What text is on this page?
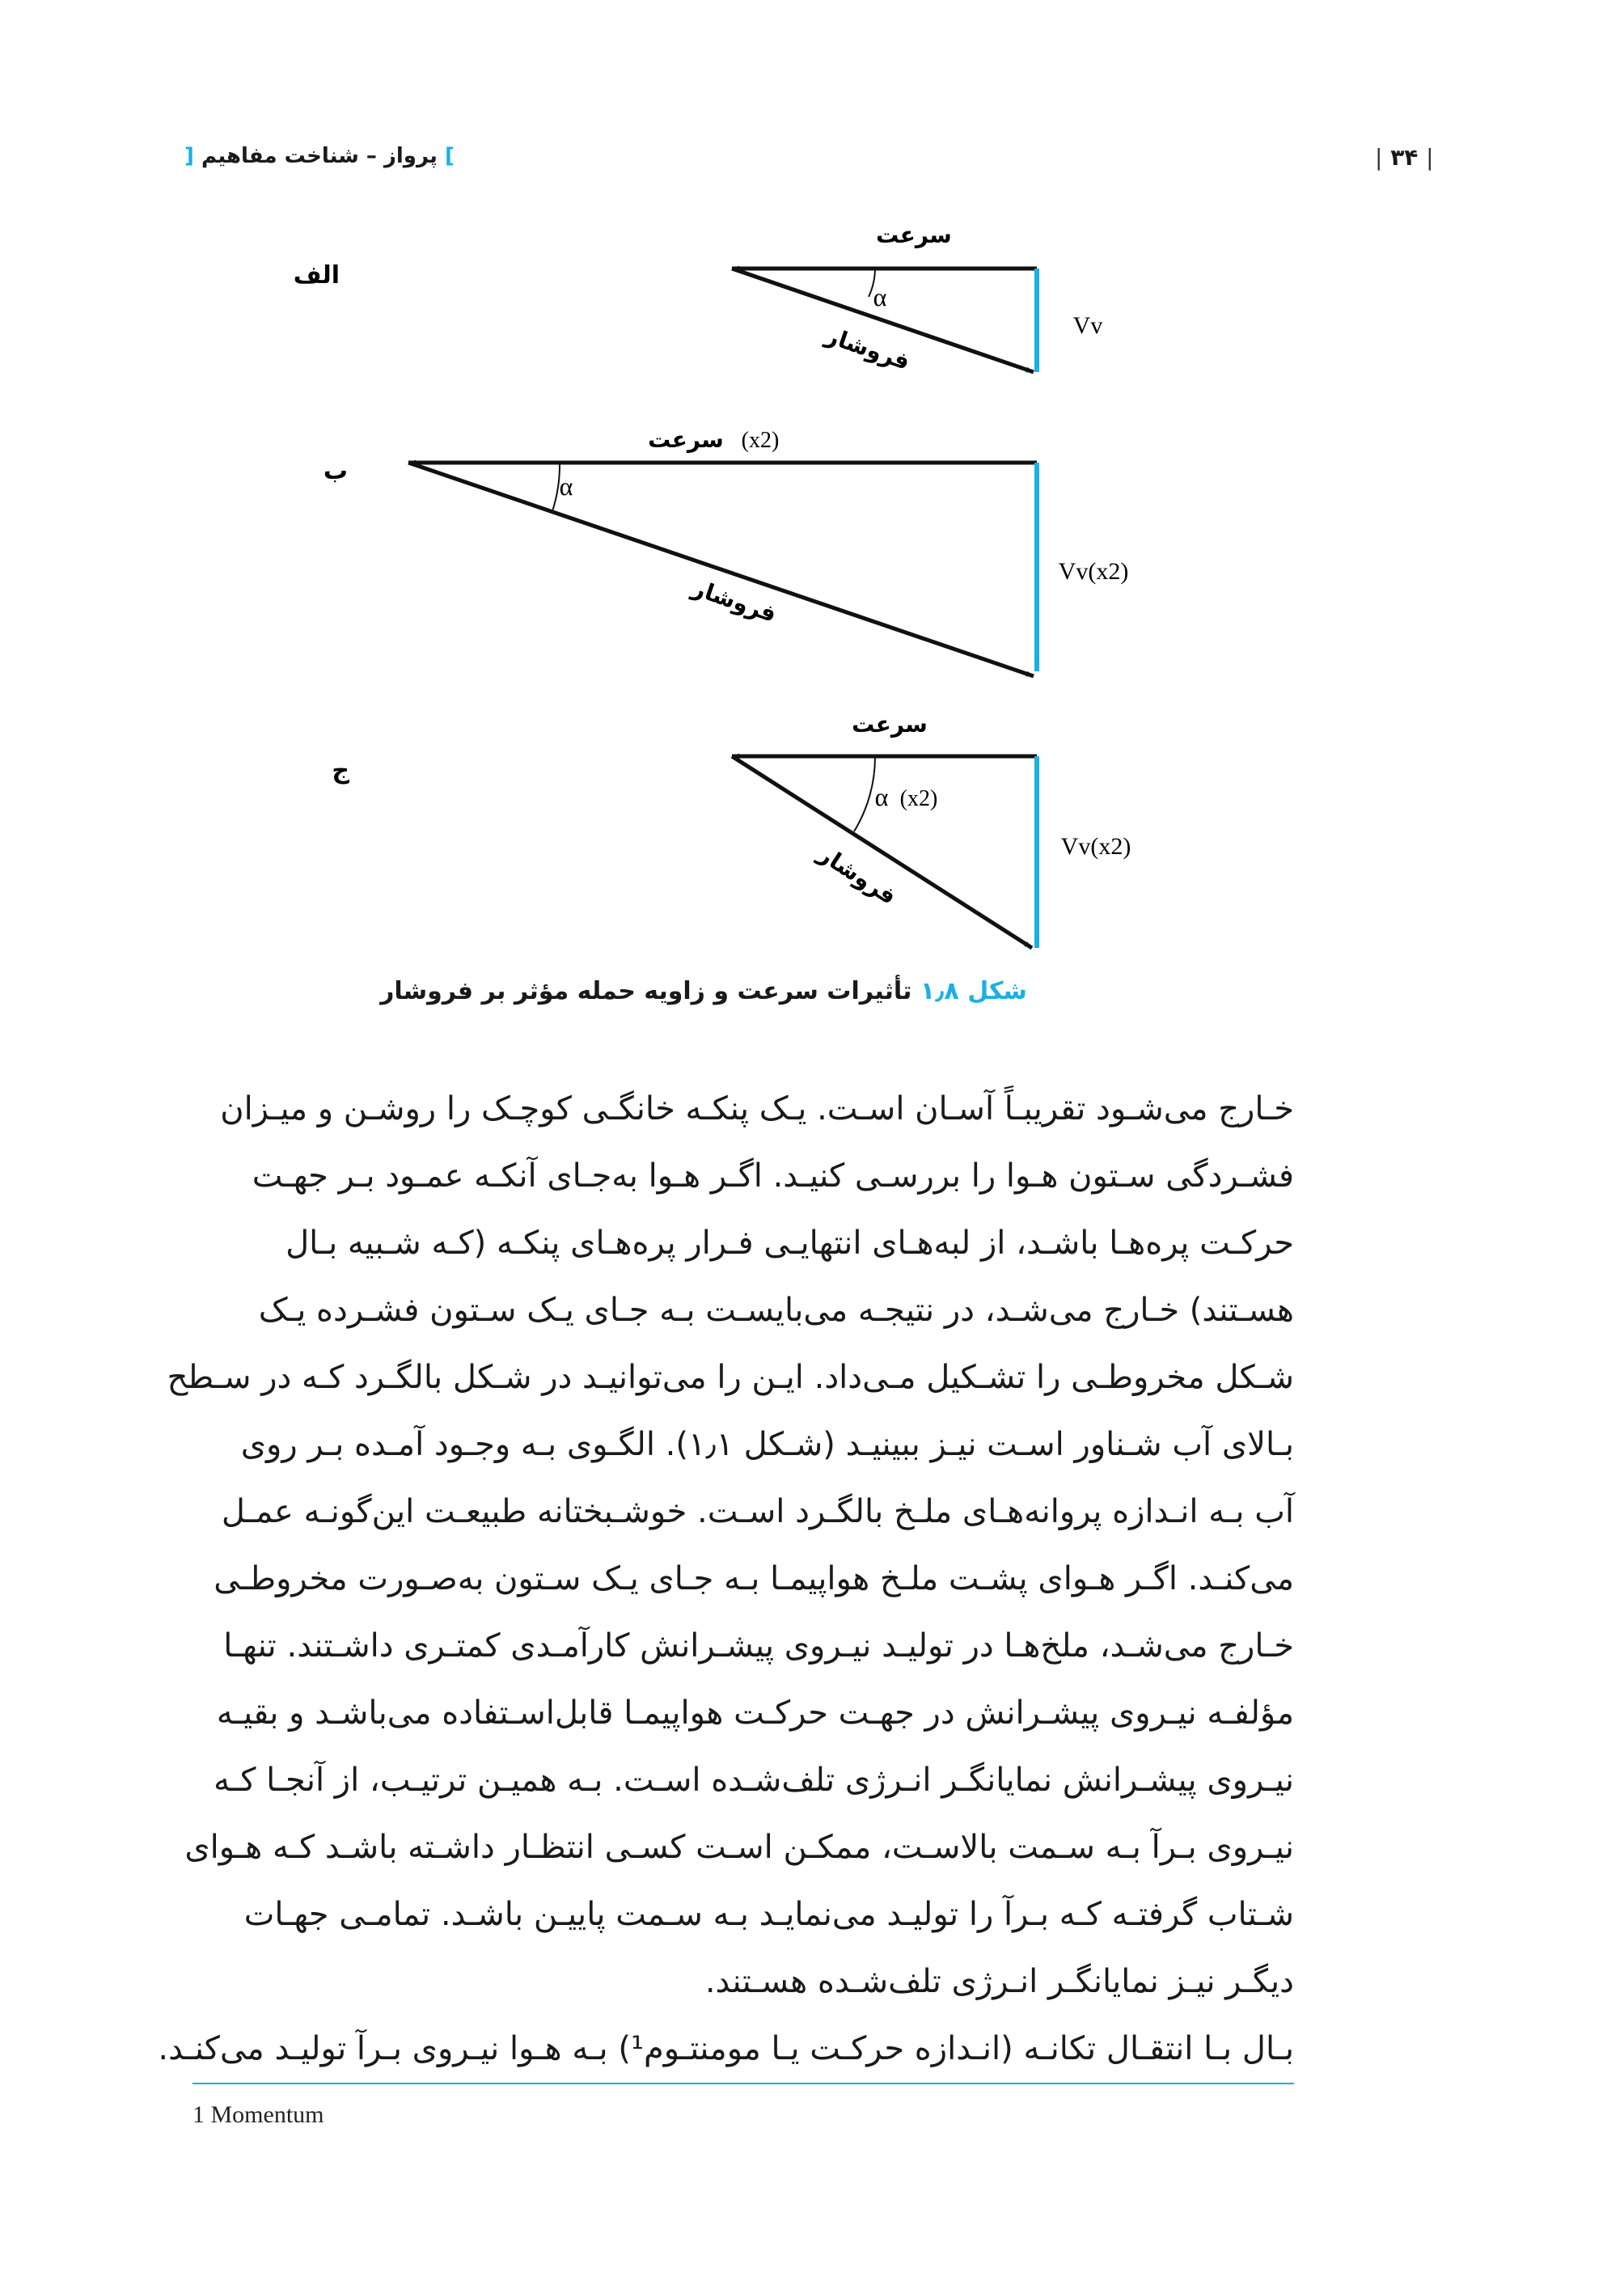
] پرواز – شناخت مفاهیم [	| ۳۴ |
الف
سرعت
α
Vv
فروشار
ب
سرعت (x2)
α
Vv(x2)
فروشار
ج
سرعت
α (x2)
Vv(x2)
فروشار
شکل ۱٫۸ تأثیرات سرعت و زاویه حمله مؤثر بر فروشار
خـارج می‌شـود تقریبـاً آسـان اسـت. یـک پنکـه خانگـی کوچـک را روشـن و میـزان
فشـردگی سـتون هـوا را بررسـی کنیـد. اگـر هـوا به‌جـای آنکـه عمـود بـر جهـت
حرکـت پره‌هـا باشـد، از لبه‌هـای انتهایـی فـرار پره‌هـای پنکـه (کـه شـبیه بـال
هسـتند) خـارج می‌شـد، در نتیجـه می‌بایسـت بـه جـای یـک سـتون فشـرده یـک
شـکل مخروطـی را تشـکیل مـی‌داد. ایـن را می‌توانیـد در شـکل بالگـرد کـه در سـطح
بـالای آب شـناور اسـت نیـز ببینیـد (شـکل ۱٫۱). الگـوی بـه وجـود آمـده بـر روی
آب بـه انـدازه پروانه‌هـای ملـخ بالگـرد اسـت. خوشـبختانه طبیعـت این‌گونـه عمـل
می‌کنـد. اگـر هـوای پشـت ملـخ هواپیمـا بـه جـای یـک سـتون به‌صـورت مخروطـی
خـارج می‌شـد، ملخ‌هـا در تولیـد نیـروی پیشـرانش کارآمـدی کمتـری داشـتند. تنهـا
مؤلفـه نیـروی پیشـرانش در جهـت حرکـت هواپیمـا قابل‌اسـتفاده می‌باشـد و بقیـه
نیـروی پیشـرانش نمایانگـر انـرژی تلف‌شـده اسـت. بـه همیـن ترتیـب، از آنجـا کـه
نیـروی بـرآ بـه سـمت بالاسـت، ممکـن اسـت کسـی انتظـار داشـته باشـد کـه هـوای
شـتاب گرفتـه کـه بـرآ را تولیـد می‌نمایـد بـه سـمت پاییـن باشـد. تمامـی جهـات
دیگـر نیـز نمایانگـر انـرژی تلف‌شـده هسـتند.
بـال بـا انتقـال تکانـه (انـدازه حرکـت یـا مومنتـوم¹) بـه هـوا نیـروی بـرآ تولیـد می‌کنـد.
1 Momentum
